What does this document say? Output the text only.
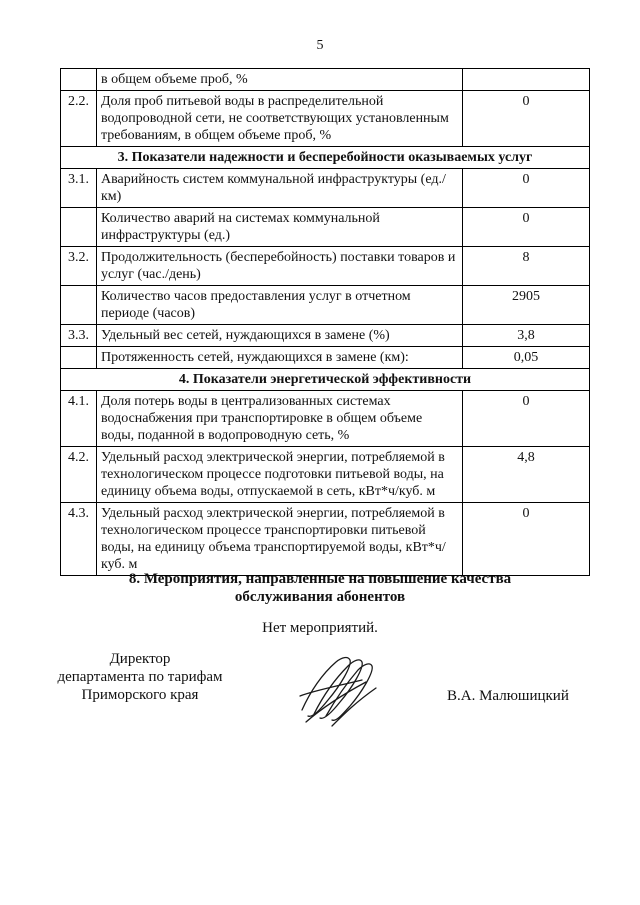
5
	в общем объеме проб, %	
2.2.	Доля проб питьевой воды в распределительной водопроводной сети, не соответствующих установленным требованиям, в общем объеме проб, %	0
3. Показатели надежности и бесперебойности оказываемых услуг		
3.1.	Аварийность систем коммунальной инфраструктуры (ед./км)	0
	Количество аварий на системах коммунальной инфраструктуры (ед.)	0
3.2.	Продолжительность (бесперебойность) поставки товаров и услуг (час./день)	8
	Количество часов предоставления услуг в отчетном периоде (часов)	2905
3.3.	Удельный вес сетей, нуждающихся в замене (%)	3,8
	Протяженность сетей, нуждающихся в замене (км):	0,05
4. Показатели энергетической эффективности		
4.1.	Доля потерь воды в централизованных системах водоснабжения при транспортировке в общем объеме воды, поданной в водопроводную сеть, %	0
4.2.	Удельный расход электрической энергии, потребляемой в технологическом процессе подготовки питьевой воды, на единицу объема воды, отпускаемой в сеть, кВт*ч/куб. м	4,8
4.3.	Удельный расход электрической энергии, потребляемой в технологическом процессе транспортировки питьевой воды, на единицу объема транспортируемой воды, кВт*ч/куб. м	0
8. Мероприятия, направленные на повышение качества
обслуживания абонентов
Нет мероприятий.
Директор
департамента по тарифам
Приморского края	В.А. Малюшицкий
